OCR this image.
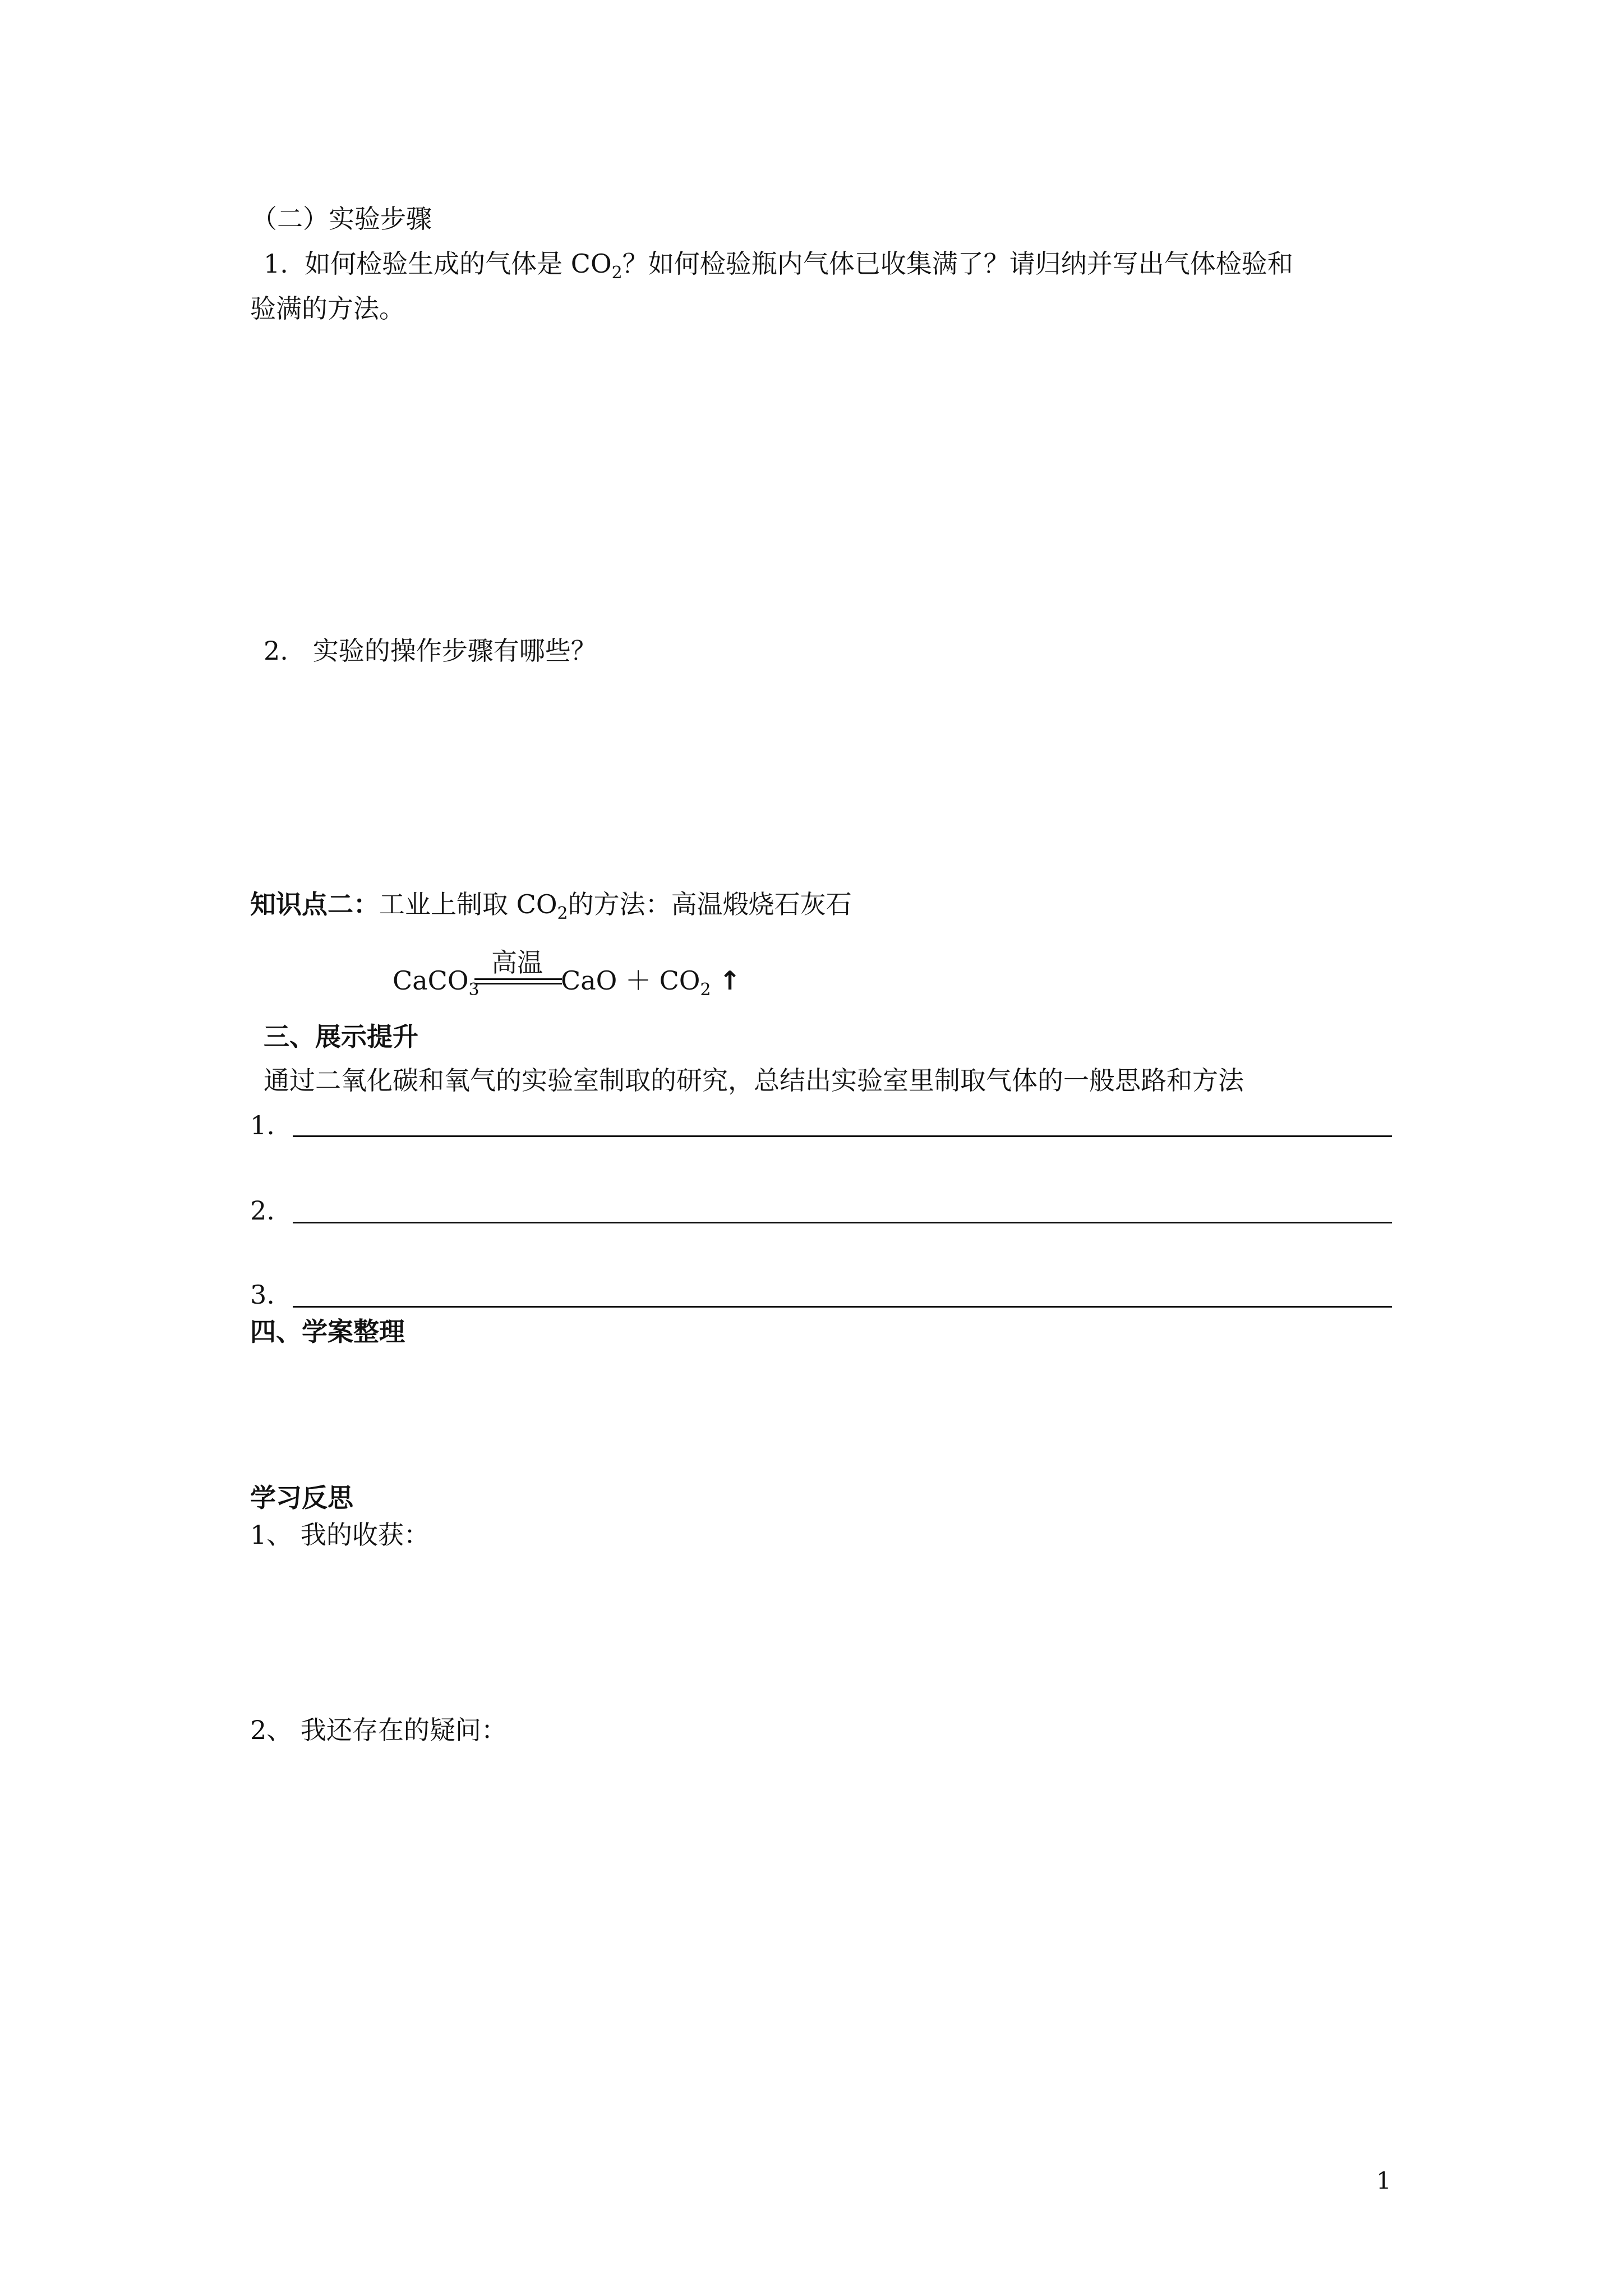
（二）实验步骤
1. 如何检验生成的气体是 $CO_2$？如何检验瓶内气体已收集满了？请归纳并写出气体检验和
验满的方法。
2. 实验的操作步骤有哪些？
知识点二：工业上制取 $CO_2$的方法：高温煅烧石灰石
CaCO$_3$
高温
CaO ＋ $CO_2$ ↑
三、展示提升
通过二氧化碳和氧气的实验室制取的研究，总结出实验室里制取气体的一般思路和方法
1.
2.
3.
四、学案整理
学习反思
1、 我的收获：
2、 我还存在的疑问：
1
